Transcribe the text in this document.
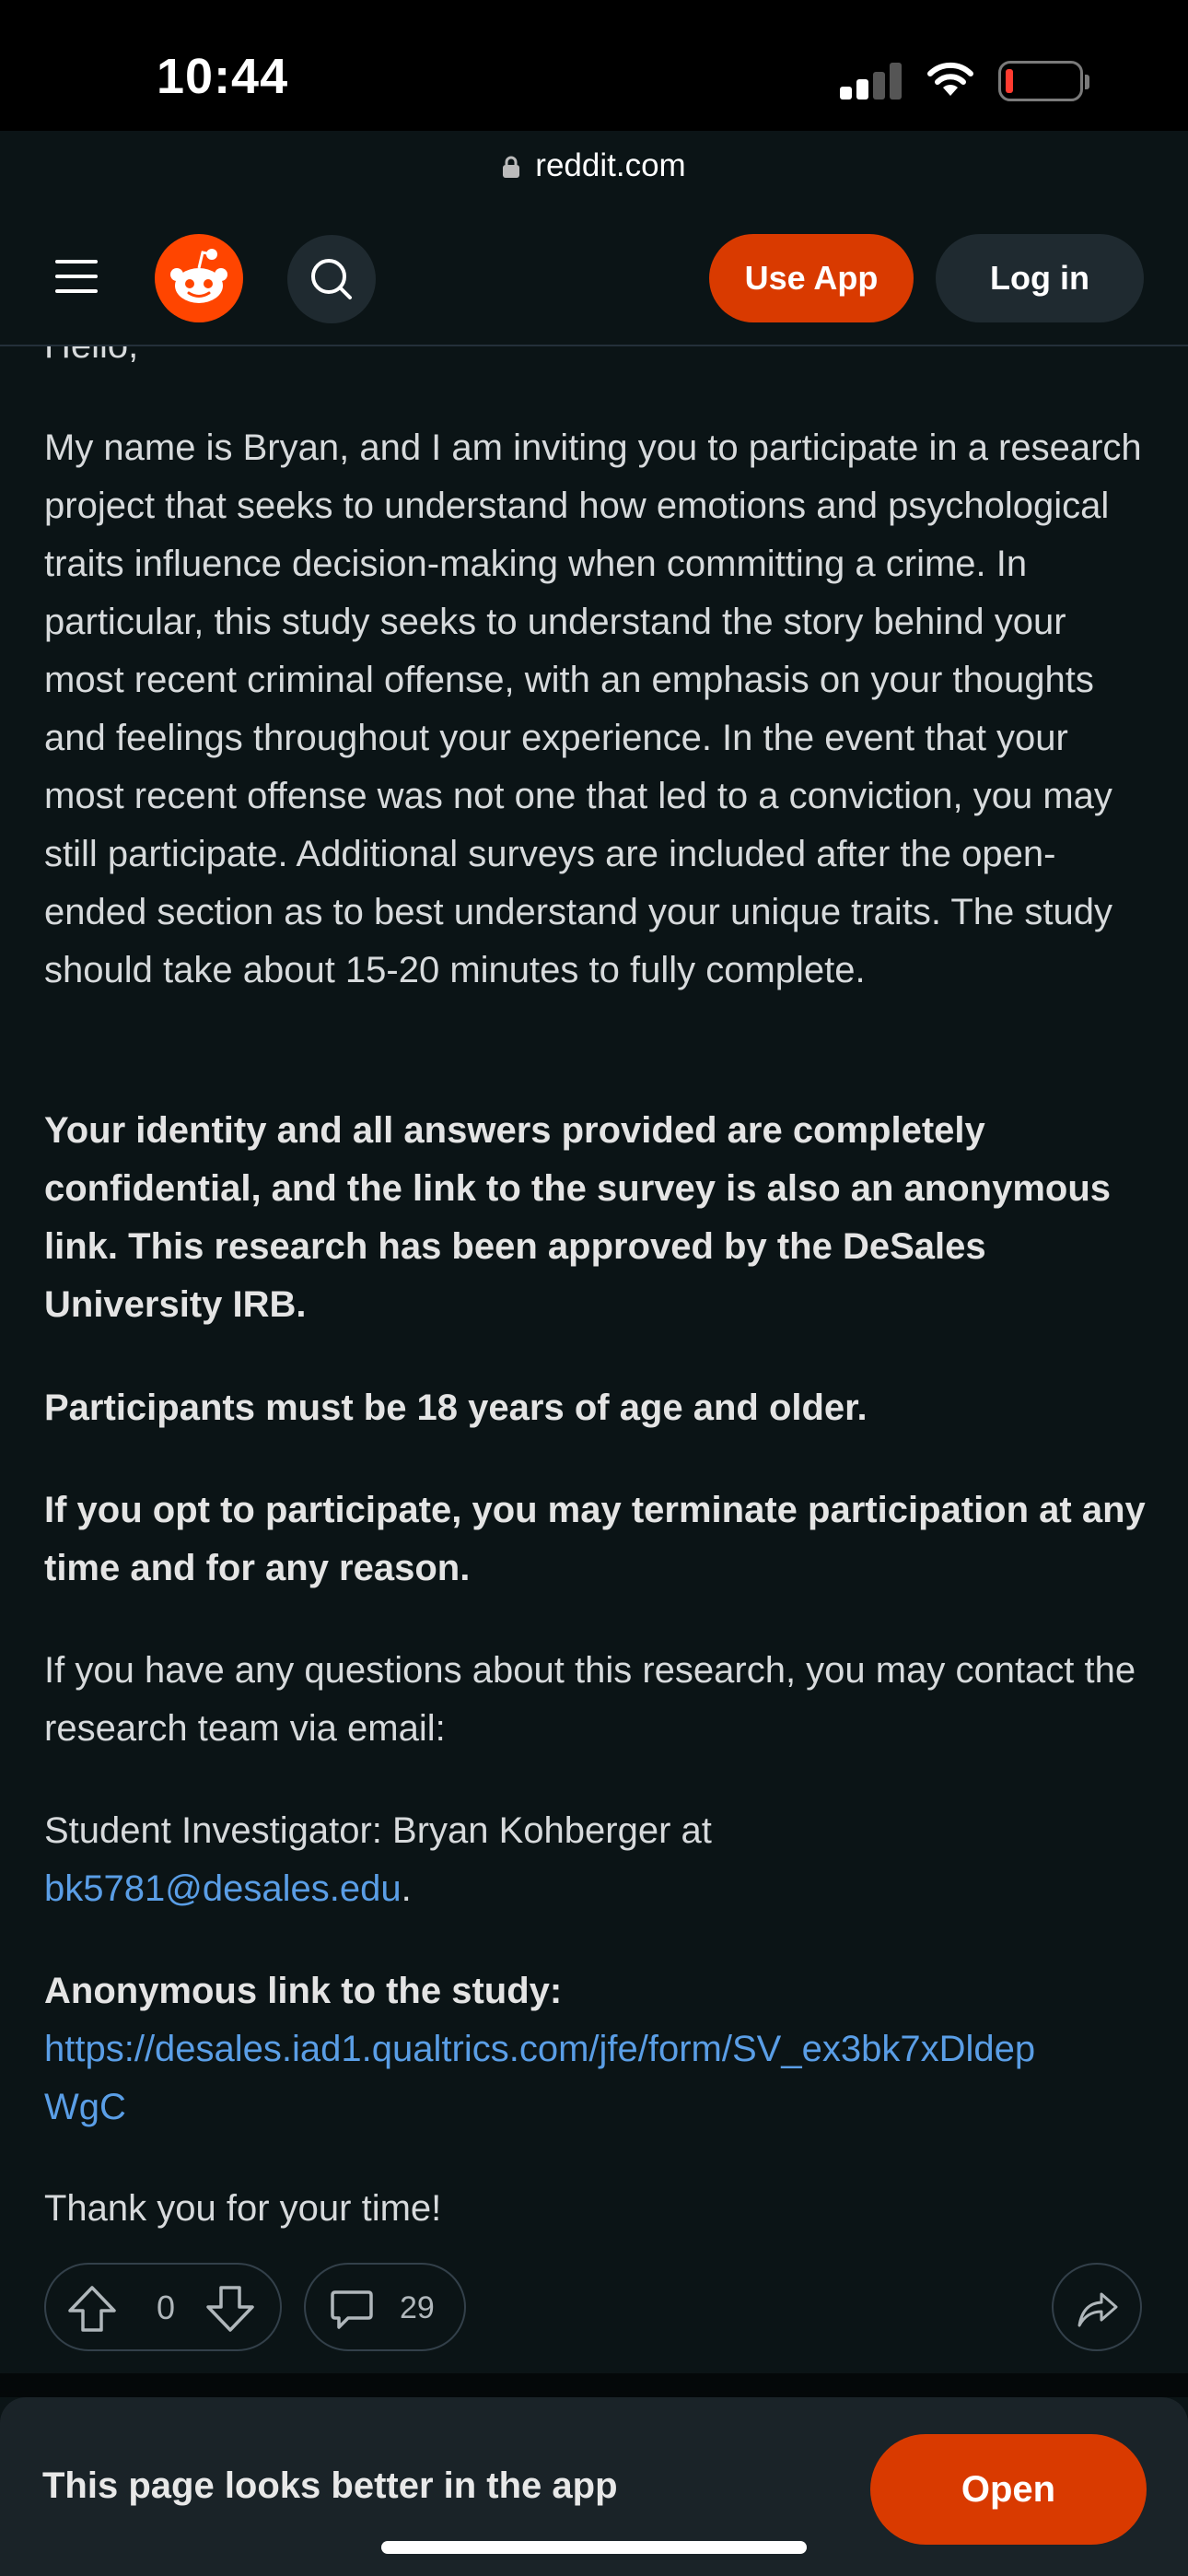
10:44
reddit.com
Use App	Log in
My name is Bryan, and I am inviting you to participate in a research project that seeks to understand how emotions and psychological traits influence decision-making when committing a crime. In particular, this study seeks to understand the story behind your most recent criminal offense, with an emphasis on your thoughts and feelings throughout your experience. In the event that your most recent offense was not one that led to a conviction, you may still participate. Additional surveys are included after the open-ended section as to best understand your unique traits. The study should take about 15-20 minutes to fully complete.
Your identity and all answers provided are completely confidential, and the link to the survey is also an anonymous link. This research has been approved by the DeSales University IRB.
Participants must be 18 years of age and older.
If you opt to participate, you may terminate participation at any time and for any reason.
If you have any questions about this research, you may contact the research team via email:
Student Investigator: Bryan Kohberger at
bk5781@desales.edu.
Anonymous link to the study:
https://desales.iad1.qualtrics.com/jfe/form/SV_ex3bk7xDldep
WgC
Thank you for your time!
0	29
This page looks better in the app	Open
